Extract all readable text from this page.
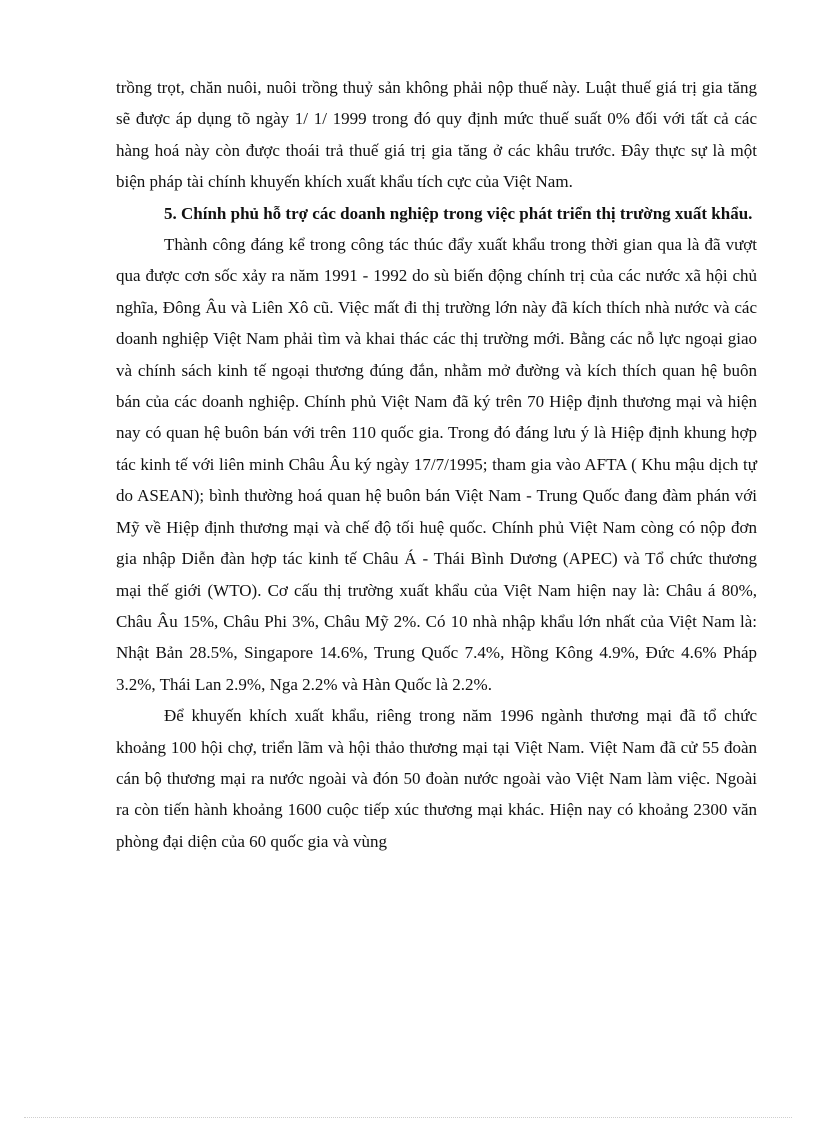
trồng trọt, chăn nuôi, nuôi trồng thuỷ sản không phải nộp thuế này. Luật thuế giá trị gia tăng sẽ được áp dụng tõ ngày 1/ 1/ 1999 trong đó quy định mức thuế suất 0% đối với tất cả các hàng hoá này còn được thoái trả thuế giá trị gia tăng ở các khâu trước. Đây thực sự là một biện pháp tài chính khuyến khích xuất khẩu tích cực của Việt Nam.

5. Chính phủ hỗ trợ các doanh nghiệp trong việc phát triển thị trường xuất khẩu.

Thành công đáng kể trong công tác thúc đẩy xuất khẩu trong thời gian qua là đã vượt qua được cơn sốc xảy ra năm 1991 - 1992 do sù biến động chính trị của các nước xã hội chủ nghĩa, Đông Âu và Liên Xô cũ. Việc mất đi thị trường lớn này đã kích thích nhà nước và các doanh nghiệp Việt Nam phải tìm và khai thác các thị trường mới. Bằng các nỗ lực ngoại giao và chính sách kinh tế ngoại thương đúng đắn, nhằm mở đường và kích thích quan hệ buôn bán của các doanh nghiệp. Chính phủ Việt Nam đã ký trên 70 Hiệp định thương mại và hiện nay có quan hệ buôn bán với trên 110 quốc gia. Trong đó đáng lưu ý là Hiệp định khung hợp tác kinh tế với liên minh Châu Âu ký ngày 17/7/1995; tham gia vào AFTA ( Khu mậu dịch tự do ASEAN); bình thường hoá quan hệ buôn bán Việt Nam - Trung Quốc đang đàm phán với Mỹ về Hiệp định thương mại và chế độ tối huệ quốc. Chính phủ Việt Nam còng có nộp đơn gia nhập Diễn đàn hợp tác kinh tế Châu Á - Thái Bình Dương (APEC) và Tổ chức thương mại thế giới (WTO). Cơ cấu thị trường xuất khẩu của Việt Nam hiện nay là: Châu á 80%, Châu Âu 15%, Châu Phi 3%, Châu Mỹ 2%. Có 10 nhà nhập khẩu lớn nhất của Việt Nam là: Nhật Bản 28.5%, Singapore 14.6%, Trung Quốc 7.4%, Hồng Kông 4.9%, Đức 4.6% Pháp 3.2%, Thái Lan 2.9%, Nga 2.2% và Hàn Quốc là 2.2%.

Để khuyến khích xuất khẩu, riêng trong năm 1996 ngành thương mại đã tổ chức khoảng 100 hội chợ, triển lãm và hội thảo thương mại tại Việt Nam. Việt Nam đã cử 55 đoàn cán bộ thương mại ra nước ngoài và đón 50 đoàn nước ngoài vào Việt Nam làm việc. Ngoài ra còn tiến hành khoảng 1600 cuộc tiếp xúc thương mại khác. Hiện nay có khoảng 2300 văn phòng đại diện của 60 quốc gia và vùng
